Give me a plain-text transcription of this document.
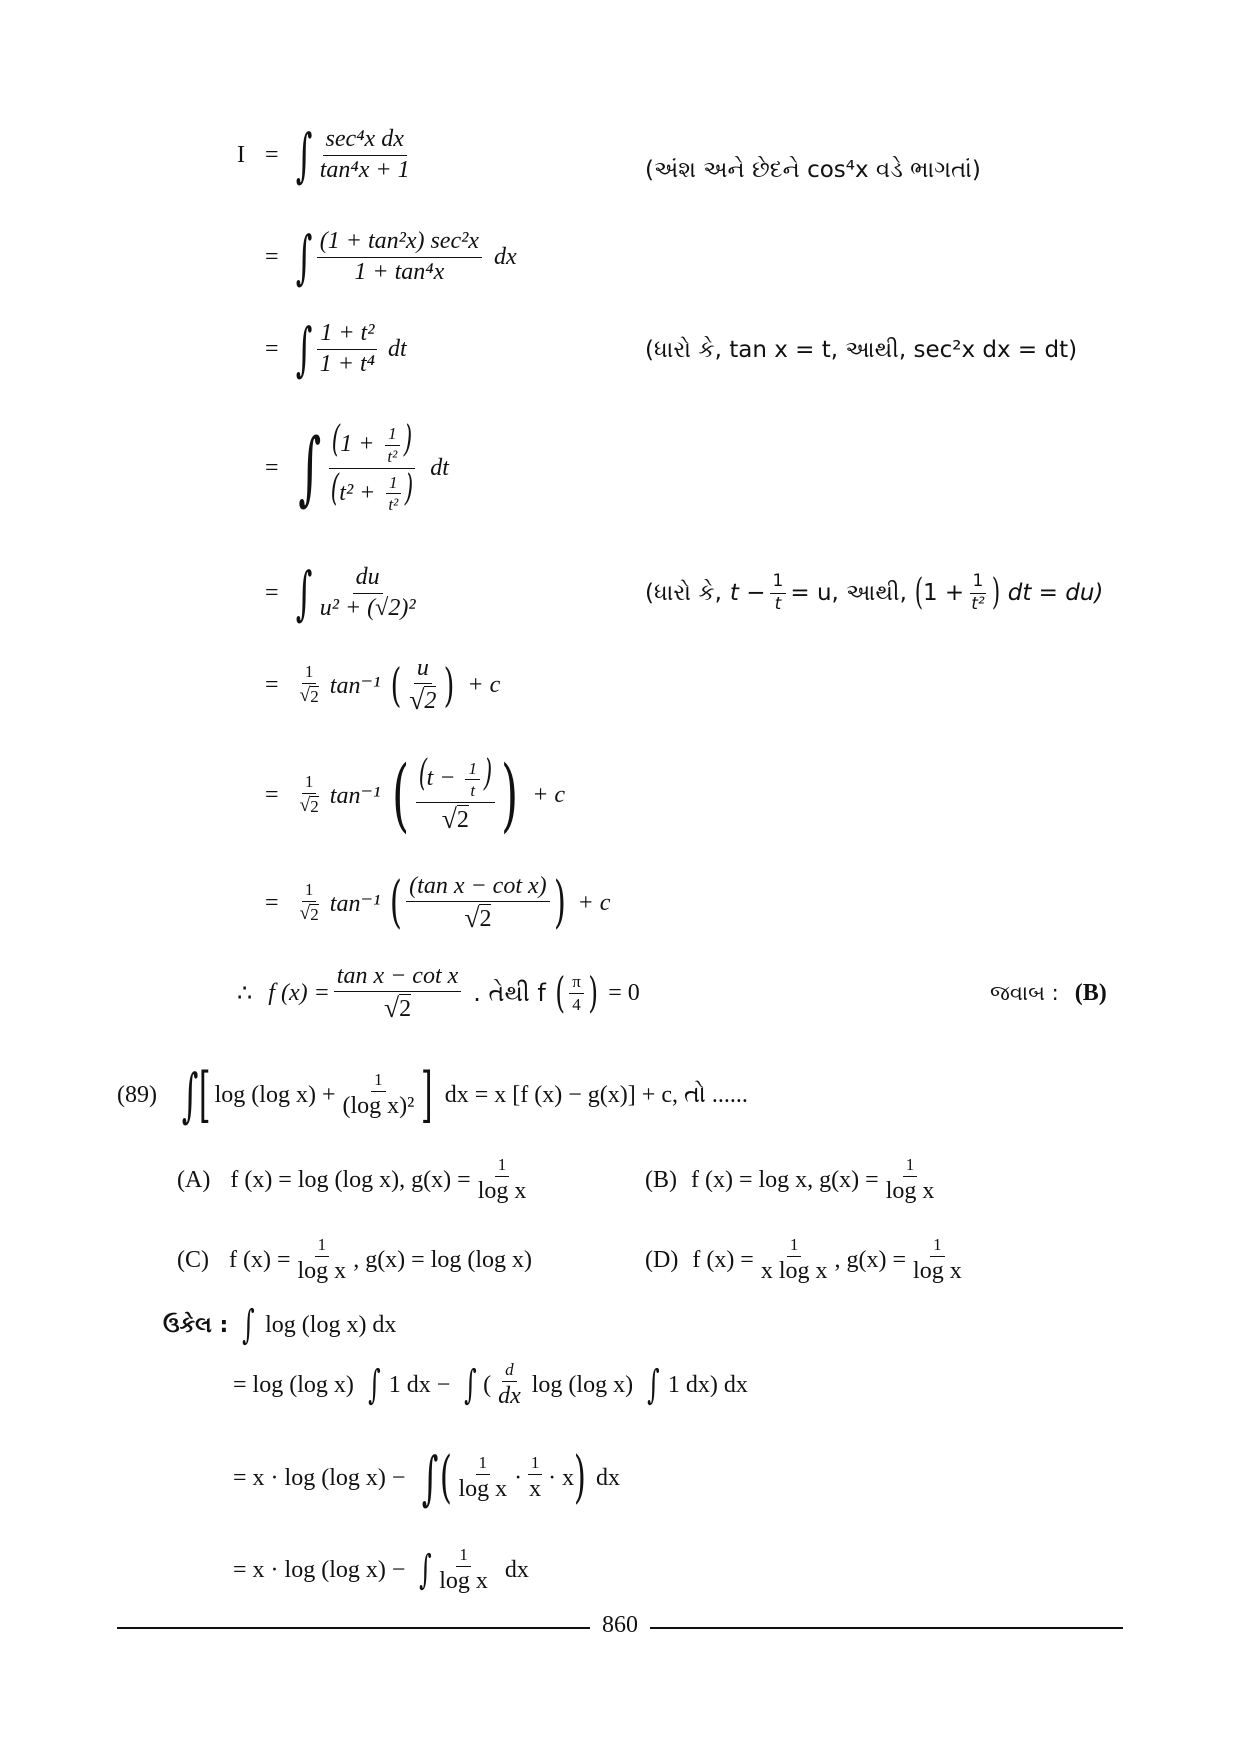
I = ∫ $\frac{\text{sec⁴x dx}}{\text{tan⁴x + 1}}$	(અંશ અને છેદને cos⁴x વડે ભાગતાં)
= ∫ $\frac{\text{(1 + tan²x) sec²x}}{\text{1 + tan⁴x}}$ dx
= ∫ $\frac{\text{1 + t²}}{\text{1 + t⁴}}$ dt	(ધારો કે, tan x = t, આથી, sec²x dx = dt)
= ∫ $\frac{(1 + \frac{1}{\text{t²}} )}{(t^2 + \frac{1}{\text{t²}} )}$ dt
= ∫ $\frac{du}{\text{u² + (√2)²}}$	(ધારો કે, $t - \frac{1}{t} = u$, આથી, ( $1 + \frac{1}{\text{t²}}$ ) dt = du)
= $\frac{1}{√ 2} \tan^{-1}$ ( $\frac{u}{√ 2}$ ) + c
= $\frac{1}{√ 2} \tan^{-1}$ ( $\frac{(t - \frac{1}{t} )}{√ 2}$ ) + c
= $\frac{1}{√ 2} \tan^{-1}$ ( $\frac{\text{(tan x − cot x)}}{√ 2}$ ) + c
∴ f $(x) = \frac{\text{tan x − cot x}}{√ 2}$ . તેથી f ( $\frac{\pi}{4}$ ) = 0	જવાબ : (B)
(89) ∫ [ log (log $x) + \frac{1}{\text{(log x)²}}$ ] dx = x [f (x) − g(x)] + c, તો ......
(A) f (x) = log (log x), $g(x) = \frac{1}{\text{log x}}$	(B) f (x) = log x, $g(x) = \frac{1}{\text{log x}}$
(C) f $(x) = \frac{1}{\text{log x}}$ , g(x) = log (log x)	(D) f $(x) = \frac{1}{\text{x log x}}$ , $g(x) = \frac{1}{\text{log x}}$
ઉકેલ : ∫ log (log x) dx
= log (log x) ∫ 1 dx − ∫ ( $\frac{d}{dx}$ log (log x) ∫ 1 dx) dx
= x · log (log x) − ∫ ( $\frac{1}{\text{log x}} \cdot \frac{1}{x} \cdot x$ ) dx
= x · log (log x) − ∫ $\frac{1}{\text{log x}}$ dx
860
